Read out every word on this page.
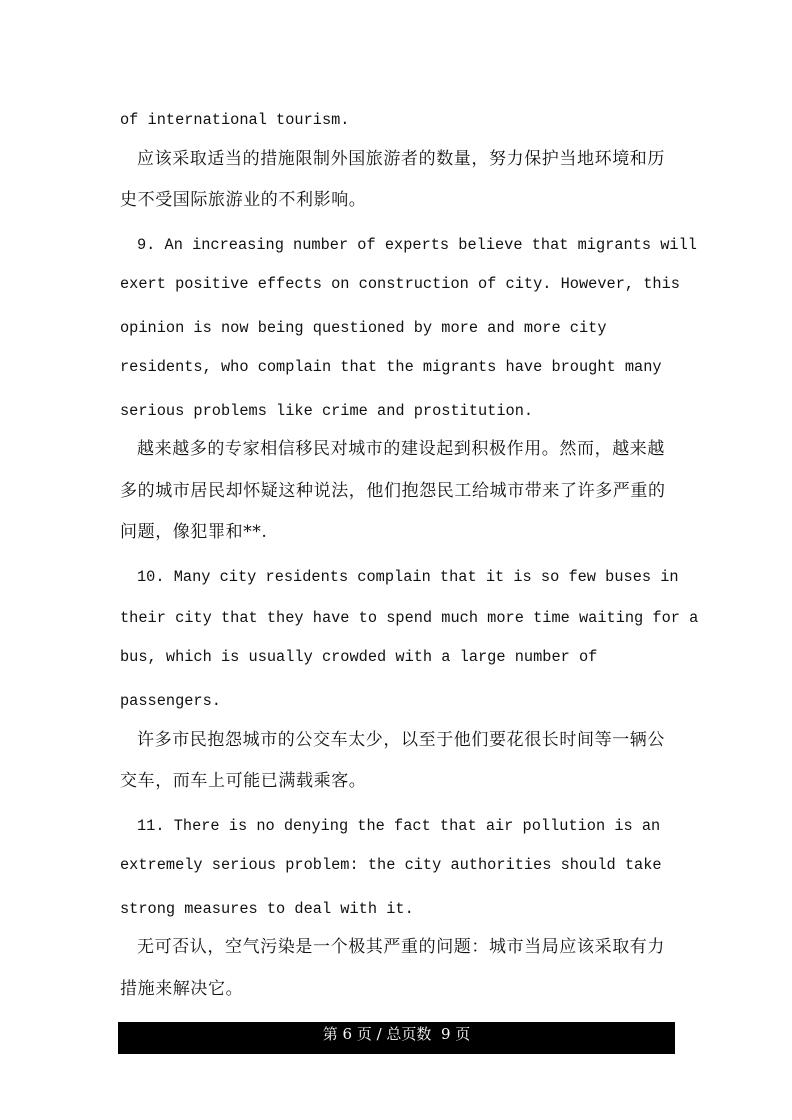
of international tourism.
应该采取适当的措施限制外国旅游者的数量，努力保护当地环境和历
史不受国际旅游业的不利影响。
9. An increasing number of experts believe that migrants will
exert positive effects on construction of city. However, this
opinion is now being questioned by more and more city
residents, who complain that the migrants have brought many
serious problems like crime and prostitution.
越来越多的专家相信移民对城市的建设起到积极作用。然而，越来越
多的城市居民却怀疑这种说法，他们抱怨民工给城市带来了许多严重的
问题，像犯罪和**.
10. Many city residents complain that it is so few buses in
their city that they have to spend much more time waiting for a
bus, which is usually crowded with a large number of
passengers.
许多市民抱怨城市的公交车太少，以至于他们要花很长时间等一辆公
交车，而车上可能已满载乘客。
11. There is no denying the fact that air pollution is an
extremely serious problem: the city authorities should take
strong measures to deal with it.
无可否认，空气污染是一个极其严重的问题：城市当局应该采取有力
措施来解决它。
第 6 页 / 总页数  9 页
